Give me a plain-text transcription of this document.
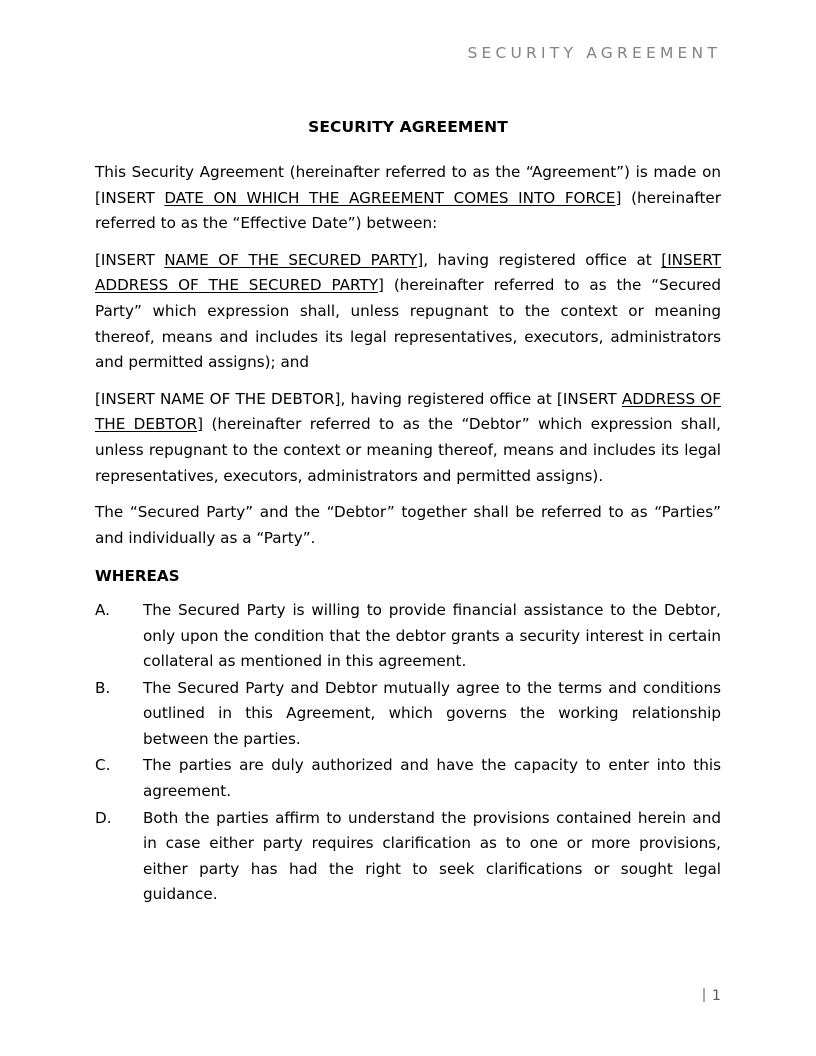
SECURITY AGREEMENT
SECURITY AGREEMENT

This Security Agreement (hereinafter referred to as the “Agreement”) is made on [INSERT DATE ON WHICH THE AGREEMENT COMES INTO FORCE] (hereinafter referred to as the “Effective Date”) between:

[INSERT NAME OF THE SECURED PARTY], having registered office at [INSERT ADDRESS OF THE SECURED PARTY] (hereinafter referred to as the “Secured Party” which expression shall, unless repugnant to the context or meaning thereof, means and includes its legal representatives, executors, administrators and permitted assigns); and

[INSERT NAME OF THE DEBTOR], having registered office at [INSERT ADDRESS OF THE DEBTOR] (hereinafter referred to as the “Debtor” which expression shall, unless repugnant to the context or meaning thereof, means and includes its legal representatives, executors, administrators and permitted assigns).

The “Secured Party” and the “Debtor” together shall be referred to as “Parties” and individually as a “Party”.

WHEREAS
A.	The Secured Party is willing to provide financial assistance to the Debtor, only upon the condition that the debtor grants a security interest in certain collateral as mentioned in this agreement.
B.	The Secured Party and Debtor mutually agree to the terms and conditions outlined in this Agreement, which governs the working relationship between the parties.
C.	The parties are duly authorized and have the capacity to enter into this agreement.
D.	Both the parties affirm to understand the provisions contained herein and in case either party requires clarification as to one or more provisions, either party has had the right to seek clarifications or sought legal guidance.
1
